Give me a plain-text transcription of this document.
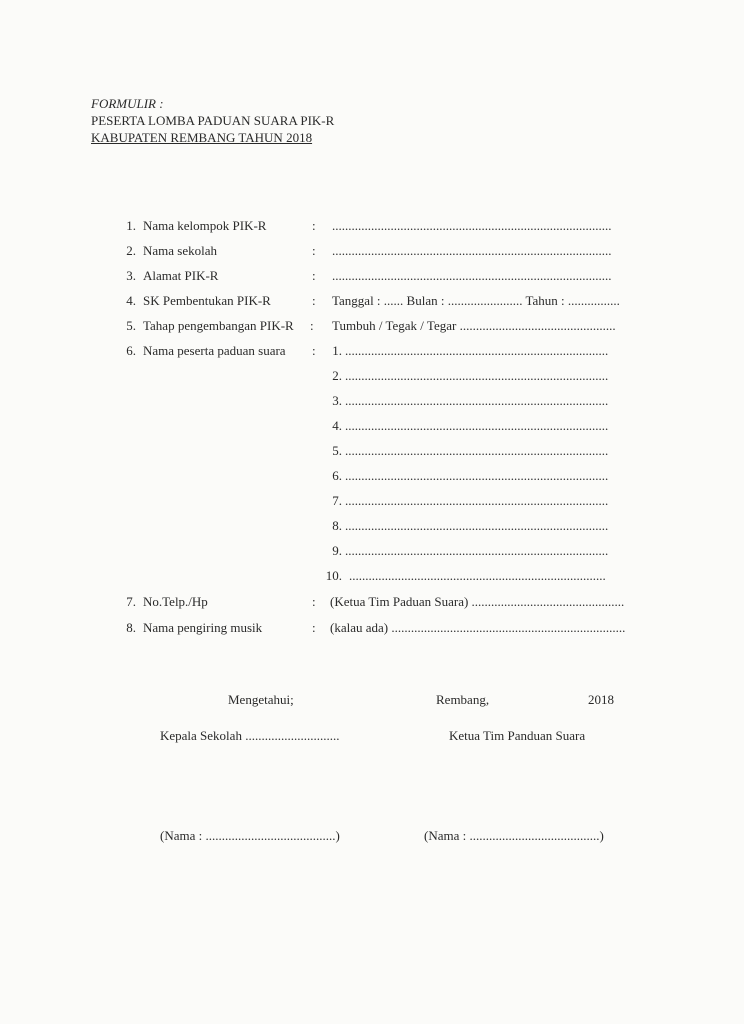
FORMULIR :
PESERTA LOMBA PADUAN SUARA PIK-R
KABUPATEN REMBANG TAHUN 2018
1. Nama kelompok PIK-R	: ......................................................................................
2. Nama sekolah	: ......................................................................................
3. Alamat PIK-R	: ......................................................................................
4. SK Pembentukan PIK-R	: Tanggal : ...... Bulan : ....................... Tahun : ................
5. Tahap pengembangan PIK-R : Tumbuh / Tegak / Tegar ................................................
6. Nama peserta paduan suara :	1. .................................................................................
2. .................................................................................
3. .................................................................................
4. .................................................................................
5. .................................................................................
6. .................................................................................
7. .................................................................................
8. .................................................................................
9. .................................................................................
10. ...............................................................................
7. No.Telp./Hp	: (Ketua Tim Paduan Suara) ...............................................
8. Nama pengiring musik	: (kalau ada) ........................................................................
Mengetahui;	Rembang,	2018
Kepala Sekolah .............................	Ketua Tim Panduan Suara
(Nama : ........................................)	(Nama : ........................................)
